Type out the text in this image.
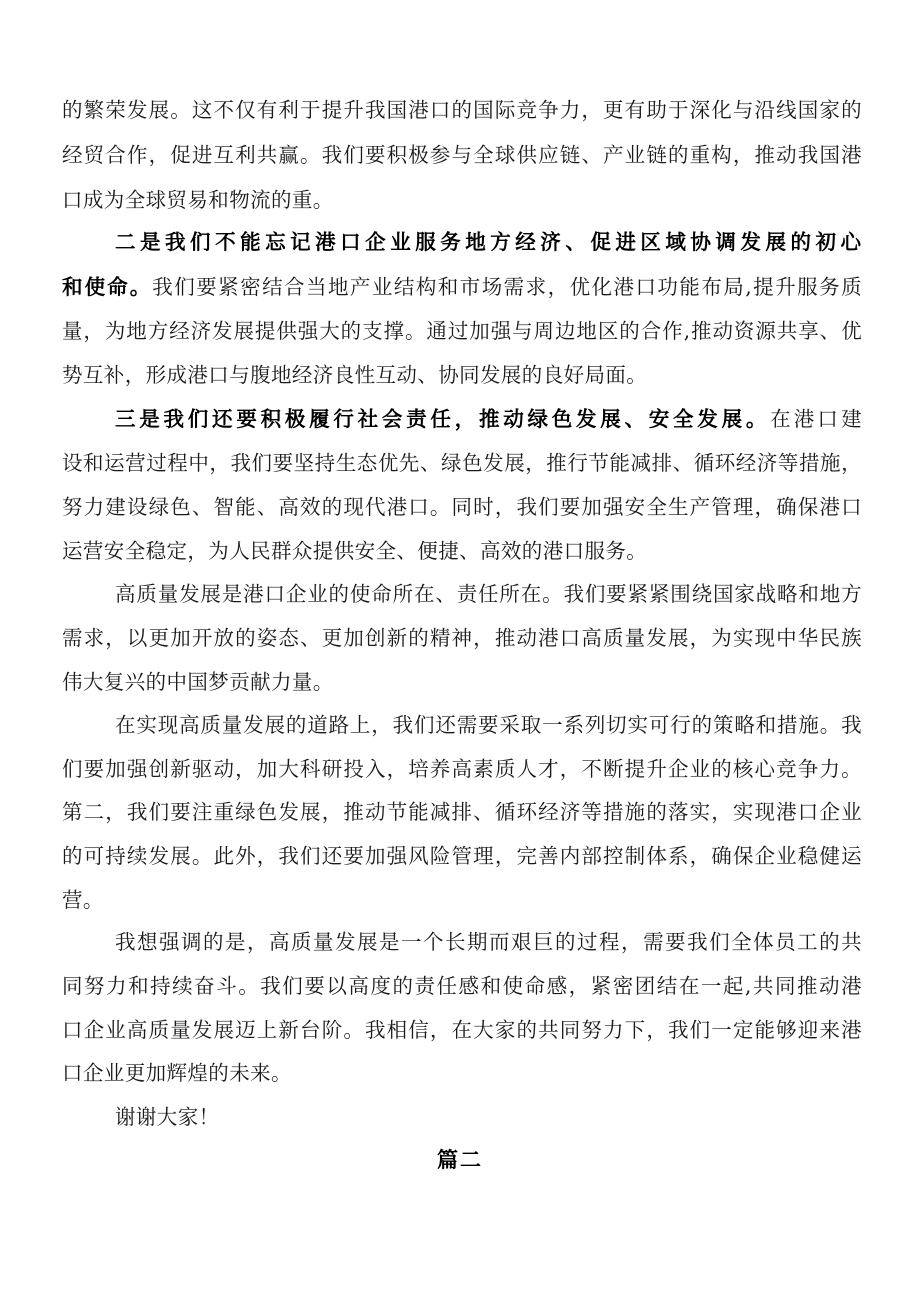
的繁荣发展。这不仅有利于提升我国港口的国际竞争力，更有助于深化与沿线国家的
经贸合作，促进互利共赢。我们要积极参与全球供应链、产业链的重构，推动我国港
口成为全球贸易和物流的重。
二是我们不能忘记港口企业服务地方经济、促进区域协调发展的初心
和使命。我们要紧密结合当地产业结构和市场需求，优化港口功能布局,提升服务质
量，为地方经济发展提供强大的支撑。通过加强与周边地区的合作,推动资源共享、优
势互补，形成港口与腹地经济良性互动、协同发展的良好局面。
三是我们还要积极履行社会责任，推动绿色发展、安全发展。在港口建
设和运营过程中，我们要坚持生态优先、绿色发展，推行节能减排、循环经济等措施，
努力建设绿色、智能、高效的现代港口。同时，我们要加强安全生产管理，确保港口
运营安全稳定，为人民群众提供安全、便捷、高效的港口服务。
高质量发展是港口企业的使命所在、责任所在。我们要紧紧围绕国家战略和地方
需求，以更加开放的姿态、更加创新的精神，推动港口高质量发展，为实现中华民族
伟大复兴的中国梦贡献力量。
在实现高质量发展的道路上，我们还需要采取一系列切实可行的策略和措施。我
们要加强创新驱动，加大科研投入，培养高素质人才，不断提升企业的核心竞争力。
第二，我们要注重绿色发展，推动节能减排、循环经济等措施的落实，实现港口企业
的可持续发展。此外，我们还要加强风险管理，完善内部控制体系，确保企业稳健运
营。
我想强调的是，高质量发展是一个长期而艰巨的过程，需要我们全体员工的共
同努力和持续奋斗。我们要以高度的责任感和使命感，紧密团结在一起,共同推动港
口企业高质量发展迈上新台阶。我相信，在大家的共同努力下，我们一定能够迎来港
口企业更加辉煌的未来。
谢谢大家！
篇二
